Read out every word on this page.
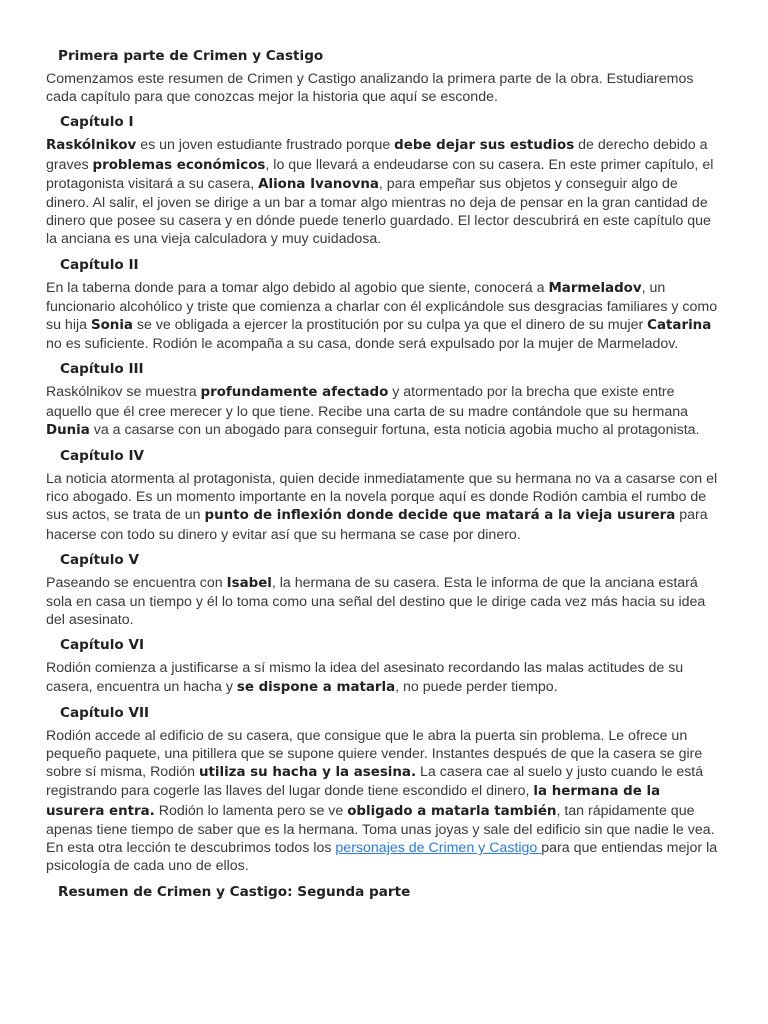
Primera parte de Crimen y Castigo

Comenzamos este resumen de Crimen y Castigo analizando la primera parte de la obra. Estudiaremos cada capítulo para que conozcas mejor la historia que aquí se esconde.

Capítulo I

Raskólnikov es un joven estudiante frustrado porque debe dejar sus estudios de derecho debido a graves problemas económicos, lo que llevará a endeudarse con su casera. En este primer capítulo, el protagonista visitará a su casera, Aliona Ivanovna, para empeñar sus objetos y conseguir algo de dinero. Al salir, el joven se dirige a un bar a tomar algo mientras no deja de pensar en la gran cantidad de dinero que posee su casera y en dónde puede tenerlo guardado. El lector descubrirá en este capítulo que la anciana es una vieja calculadora y muy cuidadosa.

Capítulo II

En la taberna donde para a tomar algo debido al agobio que siente, conocerá a Marmeladov, un funcionario alcohólico y triste que comienza a charlar con él explicándole sus desgracias familiares y como su hija Sonia se ve obligada a ejercer la prostitución por su culpa ya que el dinero de su mujer Catarina no es suficiente. Rodión le acompaña a su casa, donde será expulsado por la mujer de Marmeladov.

Capítulo III

Raskólnikov se muestra profundamente afectado y atormentado por la brecha que existe entre aquello que él cree merecer y lo que tiene. Recibe una carta de su madre contándole que su hermana Dunia va a casarse con un abogado para conseguir fortuna, esta noticia agobia mucho al protagonista.

Capítulo IV

La noticia atormenta al protagonista, quien decide inmediatamente que su hermana no va a casarse con el rico abogado. Es un momento importante en la novela porque aquí es donde Rodión cambia el rumbo de sus actos, se trata de un punto de inflexión donde decide que matará a la vieja usurera para hacerse con todo su dinero y evitar así que su hermana se case por dinero.

Capítulo V

Paseando se encuentra con Isabel, la hermana de su casera. Esta le informa de que la anciana estará sola en casa un tiempo y él lo toma como una señal del destino que le dirige cada vez más hacia su idea del asesinato.

Capítulo VI

Rodión comienza a justificarse a sí mismo la idea del asesinato recordando las malas actitudes de su casera, encuentra un hacha y se dispone a matarla, no puede perder tiempo.

Capítulo VII

Rodión accede al edificio de su casera, que consigue que le abra la puerta sin problema. Le ofrece un pequeño paquete, una pitillera que se supone quiere vender. Instantes después de que la casera se gire sobre sí misma, Rodión utiliza su hacha y la asesina. La casera cae al suelo y justo cuando le está registrando para cogerle las llaves del lugar donde tiene escondido el dinero, la hermana de la usurera entra. Rodión lo lamenta pero se ve obligado a matarla también, tan rápidamente que apenas tiene tiempo de saber que es la hermana. Toma unas joyas y sale del edificio sin que nadie le vea.

En esta otra lección te descubrimos todos los personajes de Crimen y Castigo para que entiendas mejor la psicología de cada uno de ellos.

Resumen de Crimen y Castigo: Segunda parte
